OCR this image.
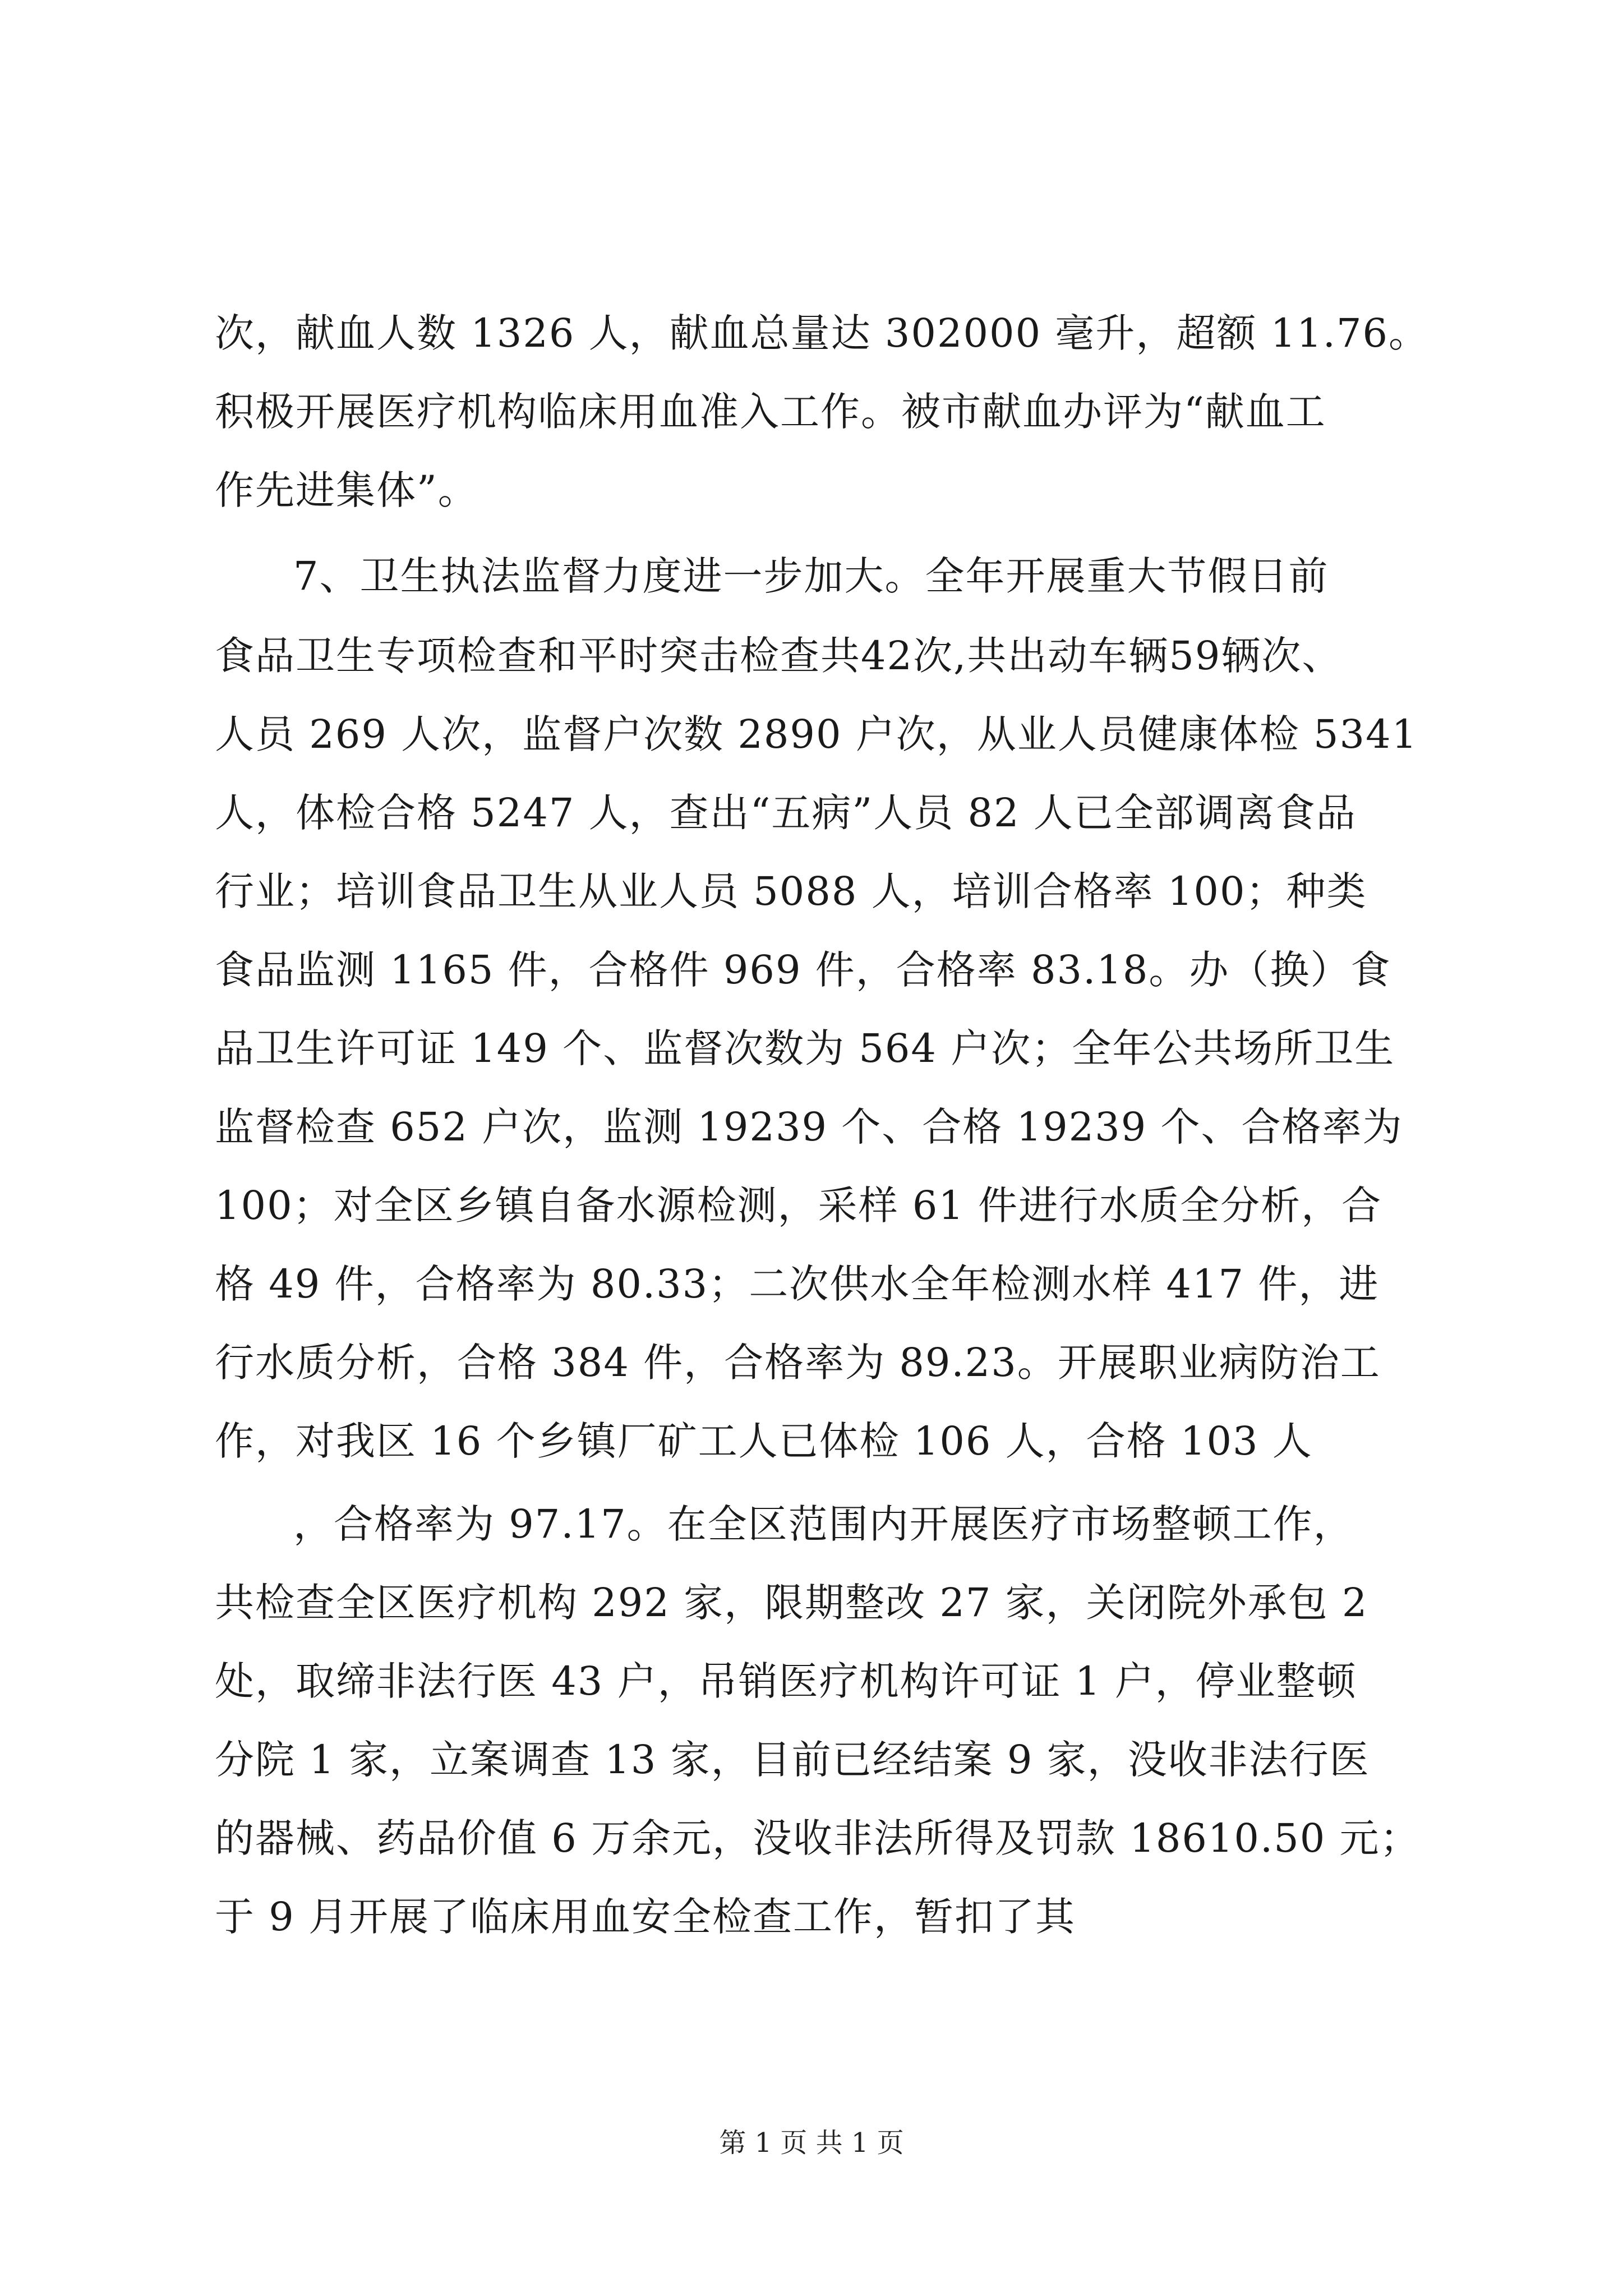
次，献血人数 1326 人，献血总量达 302000 毫升，超额 11.76。
积极开展医疗机构临床用血准入工作。被市献血办评为“献血工
作先进集体”。
7、卫生执法监督力度进一步加大。全年开展重大节假日前
食品卫生专项检查和平时突击检查共42次,共出动车辆59辆次、
人员 269 人次，监督户次数 2890 户次，从业人员健康体检 5341
人，体检合格 5247 人，查出“五病”人员 82 人已全部调离食品
行业；培训食品卫生从业人员 5088 人，培训合格率 100；种类
食品监测 1165 件，合格件 969 件，合格率 83.18。办（换）食
品卫生许可证 149 个、监督次数为 564 户次；全年公共场所卫生
监督检查 652 户次，监测 19239 个、合格 19239 个、合格率为
100；对全区乡镇自备水源检测，采样 61 件进行水质全分析，合
格 49 件，合格率为 80.33；二次供水全年检测水样 417 件，进
行水质分析，合格 384 件，合格率为 89.23。开展职业病防治工
作，对我区 16 个乡镇厂矿工人已体检 106 人，合格 103 人
，合格率为 97.17。在全区范围内开展医疗市场整顿工作，
共检查全区医疗机构 292 家，限期整改 27 家，关闭院外承包 2
处，取缔非法行医 43 户，吊销医疗机构许可证 1 户，停业整顿
分院 1 家，立案调查 13 家，目前已经结案 9 家，没收非法行医
的器械、药品价值 6 万余元，没收非法所得及罚款 18610.50 元；
于 9 月开展了临床用血安全检查工作，暂扣了其
第 1 页 共 1 页
